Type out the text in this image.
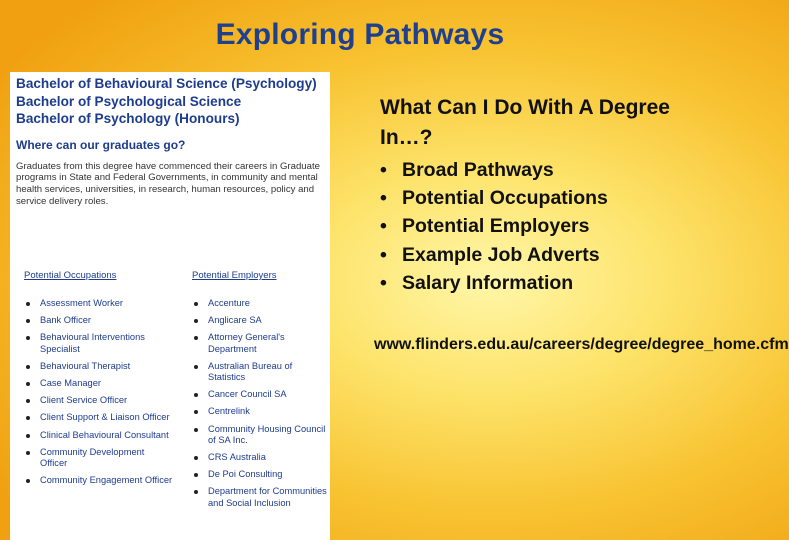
Exploring Pathways
Bachelor of Behavioural Science (Psychology)
Bachelor of Psychological Science
Bachelor of Psychology (Honours)
Where can our graduates go?
Graduates from this degree have commenced their careers in Graduate programs in State and Federal Governments, in community and mental health services, universities, in research, human resources, policy and service delivery roles.
Potential Occupations
Assessment Worker
Bank Officer
Behavioural Interventions Specialist
Behavioural Therapist
Case Manager
Client Service Officer
Client Support & Liaison Officer
Clinical Behavioural Consultant
Community Development Officer
Community Engagement Officer
Potential Employers
Accenture
Anglicare SA
Attorney General's Department
Australian Bureau of Statistics
Cancer Council SA
Centrelink
Community Housing Council of SA Inc.
CRS Australia
De Poi Consulting
Department for Communities and Social Inclusion
What Can I Do With A Degree In…?
• Broad Pathways
• Potential Occupations
• Potential Employers
• Example Job Adverts
• Salary Information
www.flinders.edu.au/careers/degree/degree_home.cfm
